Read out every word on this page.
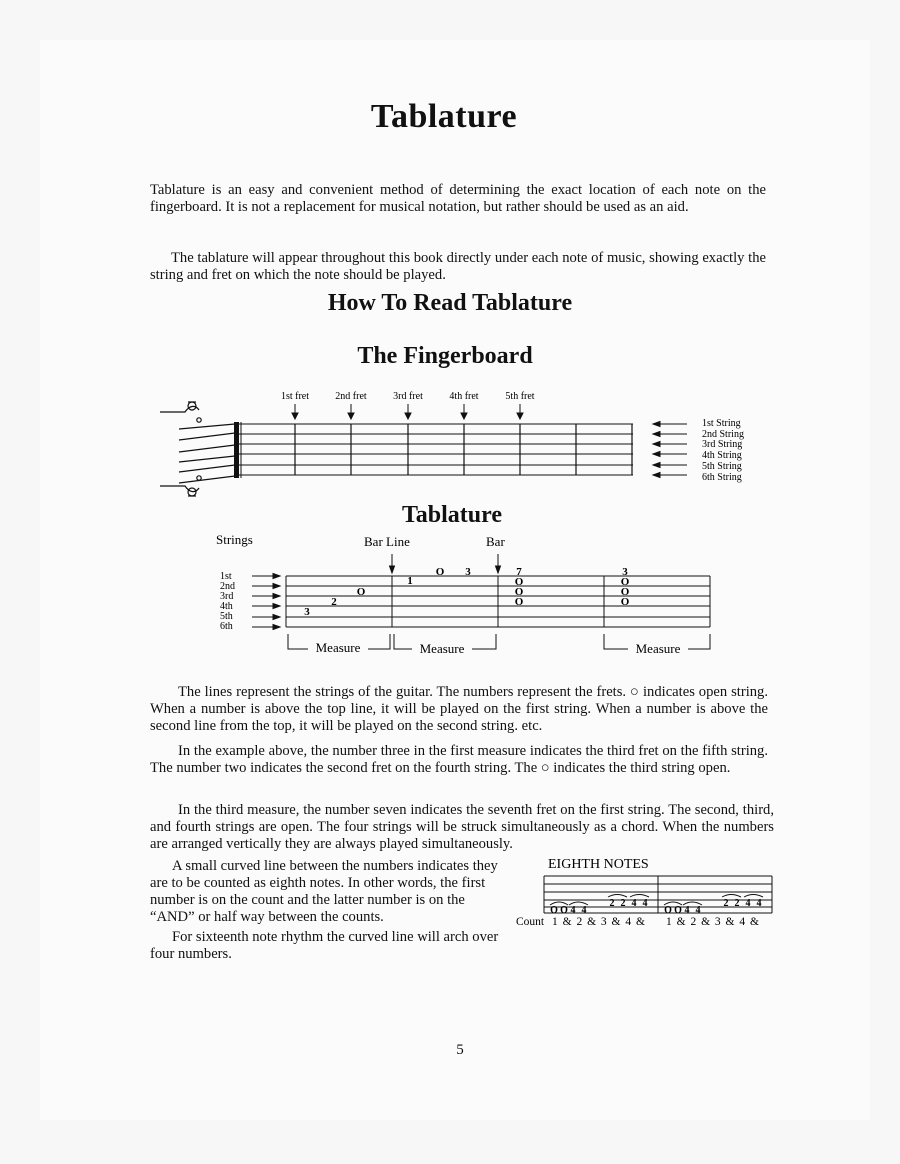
Tablature

Tablature is an easy and convenient method of determining the exact location of each note on the fingerboard. It is not a replacement for musical notation, but rather should be used as an aid.

The tablature will appear throughout this book directly under each note of music, showing exactly the string and fret on which the note should be played.

How To Read Tablature
The Fingerboard
1st fret	2nd fret	3rd fret	4th fret	5th fret
1st String
2nd String
3rd String
4th String
5th String
6th String
Tablature
Strings	Bar Line	Bar
1st
2nd
3rd
4th
5th
6th
3
2
O
1
O 3	7
O
O
O
3
O
O
O
Measure	Measure	Measure

The lines represent the strings of the guitar. The numbers represent the frets. ○ indicates open string. When a number is above the top line, it will be played on the first string. When a number is above the second line from the top, it will be played on the second string. etc.

In the example above, the number three in the first measure indicates the third fret on the fifth string. The number two indicates the second fret on the fourth string. The ○ indicates the third string open.

In the third measure, the number seven indicates the seventh fret on the first string. The second, third, and fourth strings are open. The four strings will be struck simultaneously as a chord. When the numbers are arranged vertically they are always played simultaneously.

A small curved line between the numbers indicates they are to be counted as eighth notes. In other words, the first number is on the count and the latter number is on the “AND” or half way between the counts.

For sixteenth note rhythm the curved line will arch over four numbers.

EIGHTH NOTES
O O 4 4
2 2 4 4
O O 4 4
2 2 4 4
Count 1 & 2 & 3 & 4 & 1 & 2 & 3 & 4 &
5
